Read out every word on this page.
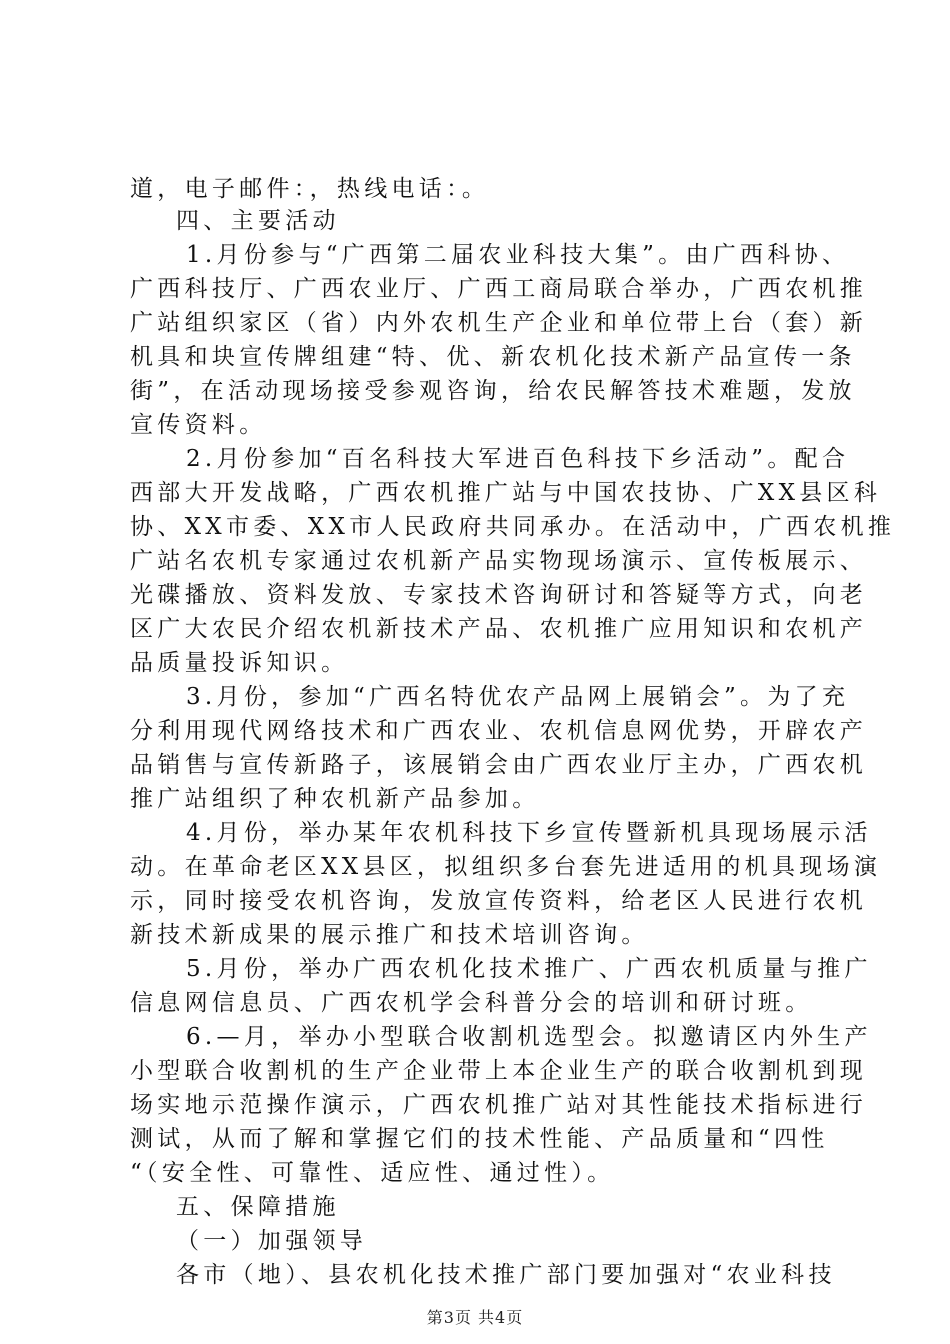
道，电子邮件：，热线电话：。
四、主要活动
1.月份参与“广西第二届农业科技大集”。由广西科协、
广西科技厅、广西农业厅、广西工商局联合举办，广西农机推
广站组织家区（省）内外农机生产企业和单位带上台（套）新
机具和块宣传牌组建“特、优、新农机化技术新产品宣传一条
街”，在活动现场接受参观咨询，给农民解答技术难题，发放
宣传资料。
2.月份参加“百名科技大军进百色科技下乡活动”。配合
西部大开发战略，广西农机推广站与中国农技协、广XX县区科
协、XX市委、XX市人民政府共同承办。在活动中，广西农机推
广站名农机专家通过农机新产品实物现场演示、宣传板展示、
光碟播放、资料发放、专家技术咨询研讨和答疑等方式，向老
区广大农民介绍农机新技术产品、农机推广应用知识和农机产
品质量投诉知识。
3.月份，参加“广西名特优农产品网上展销会”。为了充
分利用现代网络技术和广西农业、农机信息网优势，开辟农产
品销售与宣传新路子，该展销会由广西农业厅主办，广西农机
推广站组织了种农机新产品参加。
4.月份，举办某年农机科技下乡宣传暨新机具现场展示活
动。在革命老区XX县区，拟组织多台套先进适用的机具现场演
示，同时接受农机咨询，发放宣传资料，给老区人民进行农机
新技术新成果的展示推广和技术培训咨询。
5.月份，举办广西农机化技术推广、广西农机质量与推广
信息网信息员、广西农机学会科普分会的培训和研讨班。
6.—月，举办小型联合收割机选型会。拟邀请区内外生产
小型联合收割机的生产企业带上本企业生产的联合收割机到现
场实地示范操作演示，广西农机推广站对其性能技术指标进行
测试，从而了解和掌握它们的技术性能、产品质量和“四性
“（安全性、可靠性、适应性、通过性）。
五、保障措施
（一）加强领导
各市（地）、县农机化技术推广部门要加强对“农业科技
第3页 共4页
